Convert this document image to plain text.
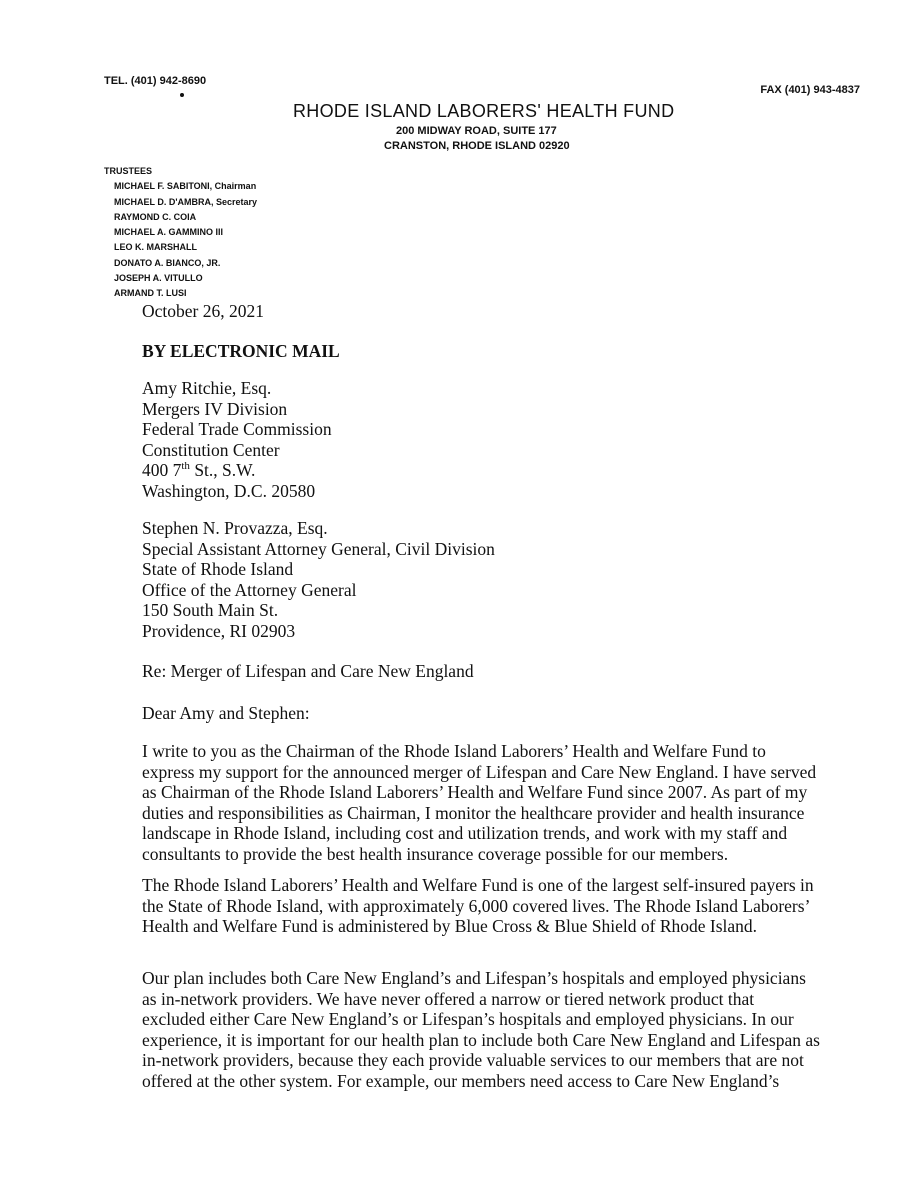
TEL. (401) 942-8690
FAX (401) 943-4837
RHODE ISLAND LABORERS' HEALTH FUND
200 MIDWAY ROAD, SUITE 177
CRANSTON, RHODE ISLAND 02920
TRUSTEES
MICHAEL F. SABITONI, Chairman
MICHAEL D. D'AMBRA, Secretary
RAYMOND C. COIA
MICHAEL A. GAMMINO III
LEO K. MARSHALL
DONATO A. BIANCO, JR.
JOSEPH A. VITULLO
ARMAND T. LUSI
October 26, 2021
BY ELECTRONIC MAIL
Amy Ritchie, Esq.
Mergers IV Division
Federal Trade Commission
Constitution Center
400 7th St., S.W.
Washington, D.C. 20580
Stephen N. Provazza, Esq.
Special Assistant Attorney General, Civil Division
State of Rhode Island
Office of the Attorney General
150 South Main St.
Providence, RI 02903
Re: Merger of Lifespan and Care New England
Dear Amy and Stephen:
I write to you as the Chairman of the Rhode Island Laborers’ Health and Welfare Fund to
express my support for the announced merger of Lifespan and Care New England. I have served
as Chairman of the Rhode Island Laborers’ Health and Welfare Fund since 2007. As part of my
duties and responsibilities as Chairman, I monitor the healthcare provider and health insurance
landscape in Rhode Island, including cost and utilization trends, and work with my staff and
consultants to provide the best health insurance coverage possible for our members.
The Rhode Island Laborers’ Health and Welfare Fund is one of the largest self-insured payers in
the State of Rhode Island, with approximately 6,000 covered lives. The Rhode Island Laborers’
Health and Welfare Fund is administered by Blue Cross & Blue Shield of Rhode Island.
Our plan includes both Care New England’s and Lifespan’s hospitals and employed physicians
as in-network providers. We have never offered a narrow or tiered network product that
excluded either Care New England’s or Lifespan’s hospitals and employed physicians. In our
experience, it is important for our health plan to include both Care New England and Lifespan as
in-network providers, because they each provide valuable services to our members that are not
offered at the other system. For example, our members need access to Care New England’s
